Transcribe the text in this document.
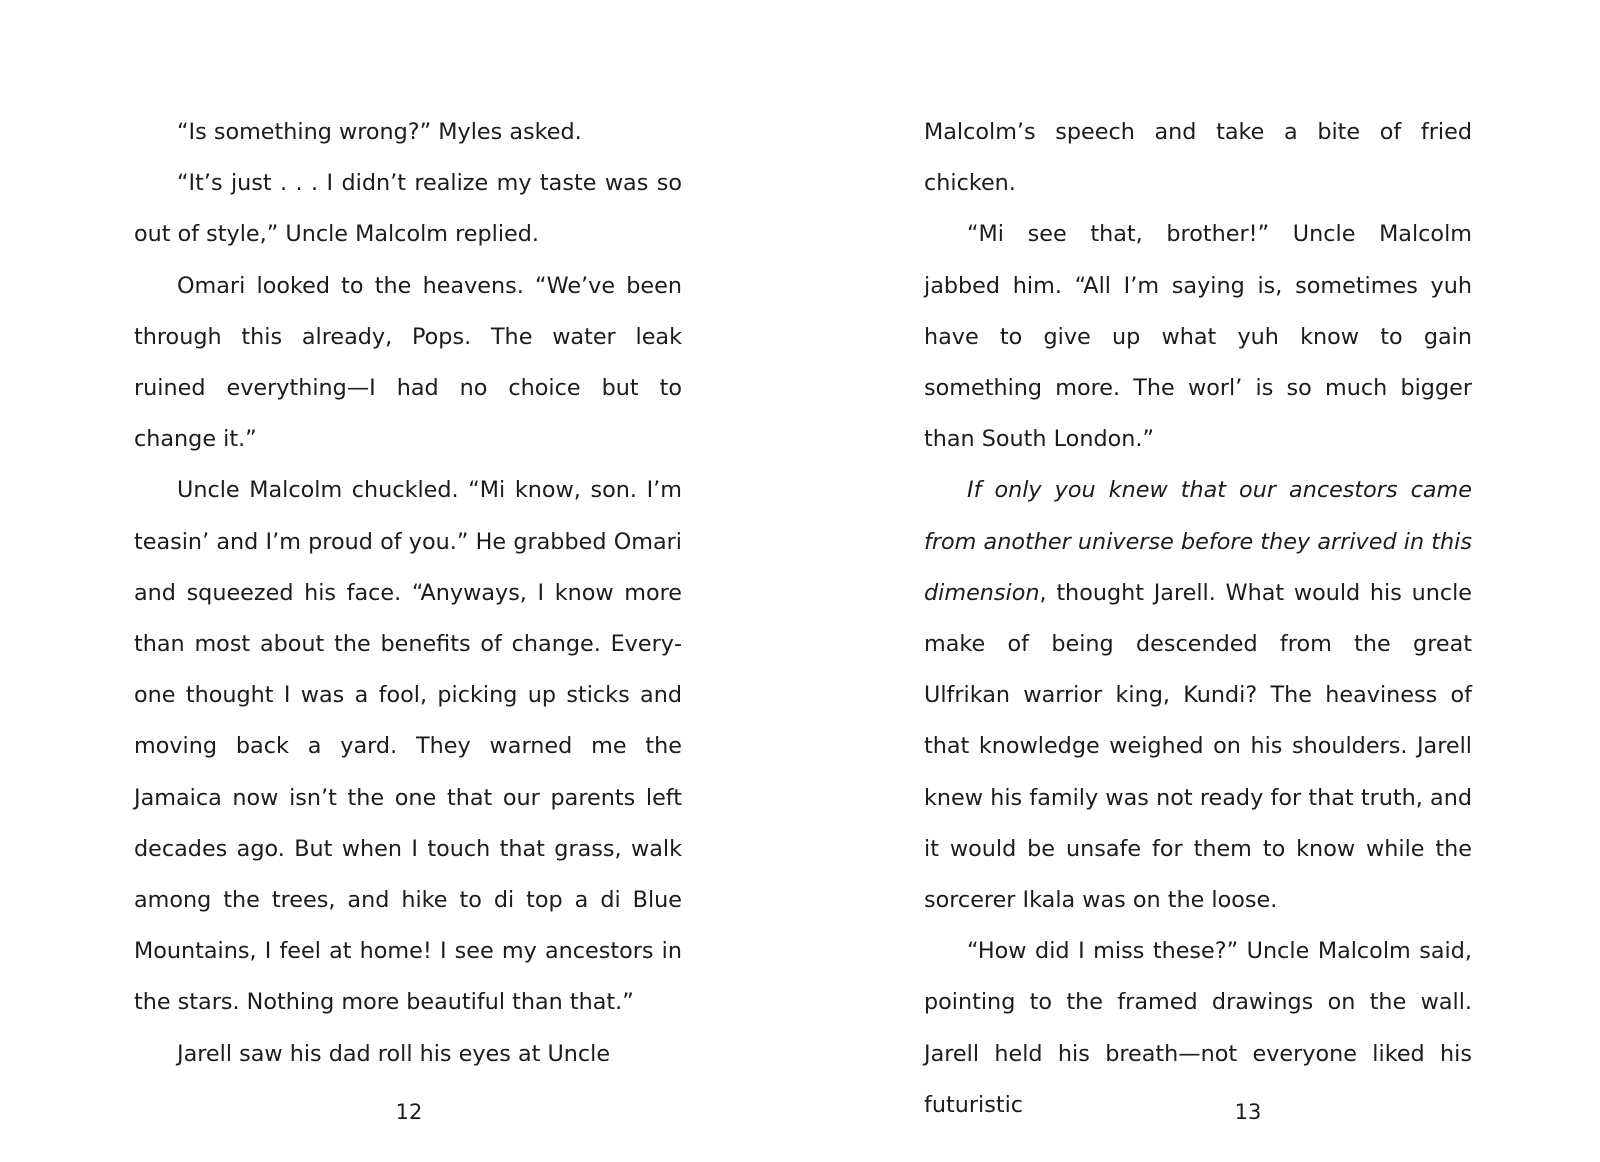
“Is something wrong?” Myles asked.

“It’s just . . . I didn’t realize my taste was so out of style,” Uncle Malcolm replied.

Omari looked to the heavens. “We’ve been through this already, Pops. The water leak ruined everything—I had no choice but to change it.”

Uncle Malcolm chuckled. “Mi know, son. I’m teasin’ and I’m proud of you.” He grabbed Omari and squeezed his face. “Anyways, I know more than most about the benefits of change. Everyone thought I was a fool, picking up sticks and moving back a yard. They warned me the Jamaica now isn’t the one that our parents left decades ago. But when I touch that grass, walk among the trees, and hike to di top a di Blue Mountains, I feel at home! I see my ancestors in the stars. Nothing more beautiful than that.”

Jarell saw his dad roll his eyes at Uncle

12

Malcolm’s speech and take a bite of fried chicken.

“Mi see that, brother!” Uncle Malcolm jabbed him. “All I’m saying is, sometimes yuh have to give up what yuh know to gain something more. The worl’ is so much bigger than South London.”

If only you knew that our ancestors came from another universe before they arrived in this dimension, thought Jarell. What would his uncle make of being descended from the great Ulfrikan warrior king, Kundi? The heaviness of that knowledge weighed on his shoulders. Jarell knew his family was not ready for that truth, and it would be unsafe for them to know while the sorcerer Ikala was on the loose.

“How did I miss these?” Uncle Malcolm said, pointing to the framed drawings on the wall. Jarell held his breath—not everyone liked his futuristic	13
